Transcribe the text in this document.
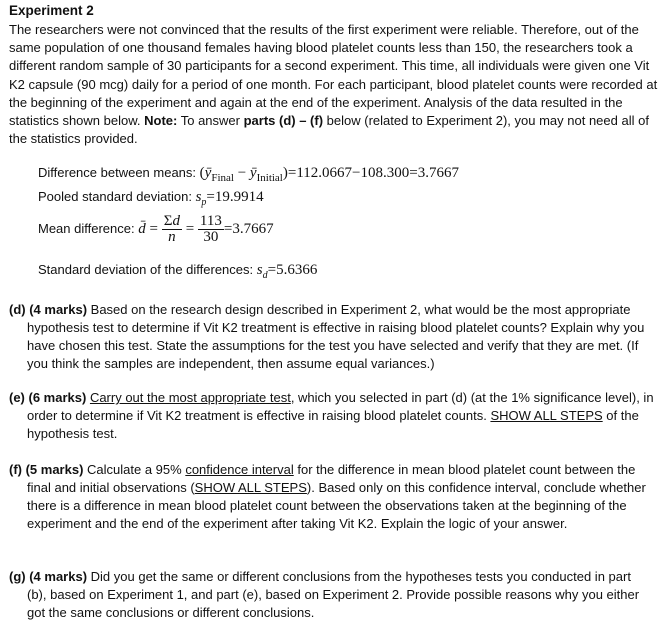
Experiment 2
The researchers were not convinced that the results of the first experiment were reliable. Therefore, out of the same population of one thousand females having blood platelet counts less than 150, the researchers took a different random sample of 30 participants for a second experiment. This time, all individuals were given one Vit K2 capsule (90 mcg) daily for a period of one month. For each participant, blood platelet counts were recorded at the beginning of the experiment and again at the end of the experiment. Analysis of the data resulted in the statistics shown below. Note: To answer parts (d) – (f) below (related to Experiment 2), you may not need all of the statistics provided.
Difference between means: ($ȳ_{Final}$ − $ȳ_{Initial})=112.0667-108.300=3.7667$
Pooled standard deviation: $s_p=19.9914$
Mean difference: d̄ = $\frac{\Sigma d}{n} = \frac{113}{30} =3.7667$
Standard deviation of the differences: $s_d=5.6366$
(d) (4 marks) Based on the research design described in Experiment 2, what would be the most appropriate hypothesis test to determine if Vit K2 treatment is effective in raising blood platelet counts? Explain why you have chosen this test. State the assumptions for the test you have selected and verify that they are met. (If you think the samples are independent, then assume equal variances.)
(e) (6 marks) Carry out the most appropriate test, which you selected in part (d) (at the 1% significance level), in order to determine if Vit K2 treatment is effective in raising blood platelet counts. SHOW ALL STEPS of the hypothesis test.
(f) (5 marks) Calculate a 95% confidence interval for the difference in mean blood platelet count between the final and initial observations (SHOW ALL STEPS). Based only on this confidence interval, conclude whether there is a difference in mean blood platelet count between the observations taken at the beginning of the experiment and the end of the experiment after taking Vit K2. Explain the logic of your answer.
(g) (4 marks) Did you get the same or different conclusions from the hypotheses tests you conducted in part (b), based on Experiment 1, and part (e), based on Experiment 2. Provide possible reasons why you either got the same conclusions or different conclusions.
